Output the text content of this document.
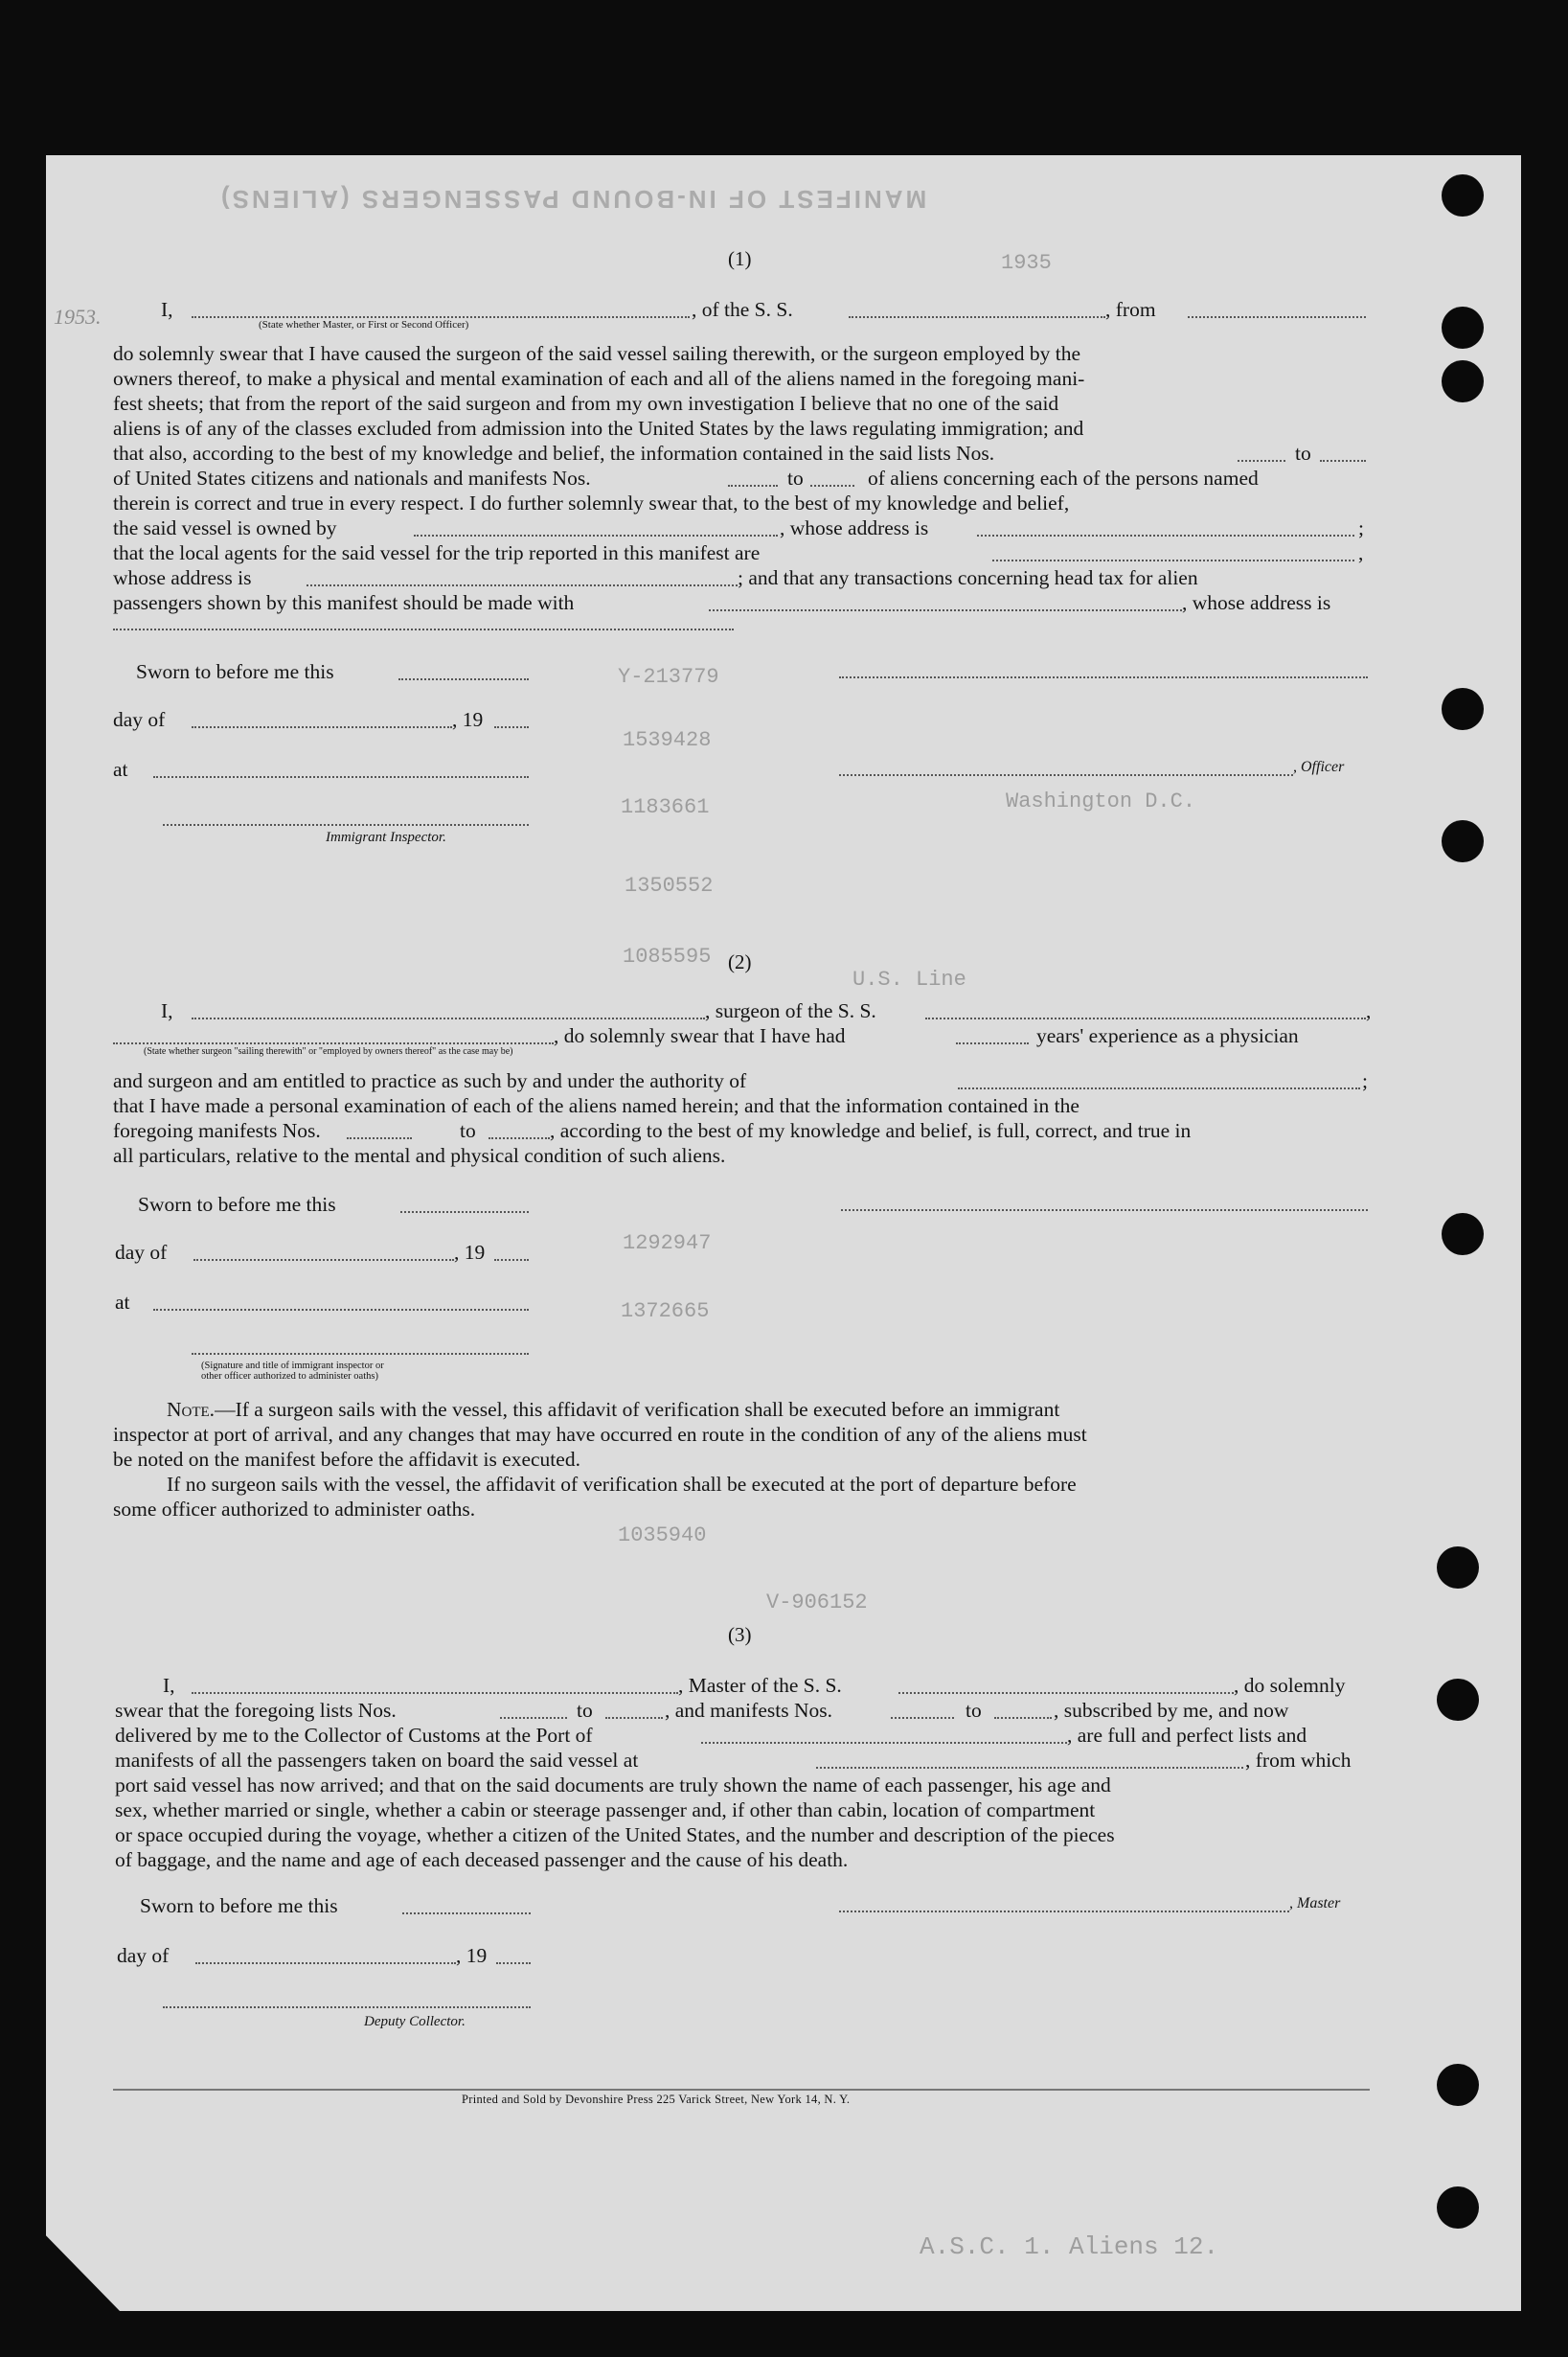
MANIFEST OF IN-BOUND PASSENGERS (ALIENS)
1935
1953.
Y-213779
1539428
Washington D.C.
1183661
1350552
1085595
U.S. Line
1292947
1372665
1035940
V-906152
A.S.C. 1. Aliens 12.
(1)
I,	, of the S. S.	, from
(State whether Master, or First or Second Officer)
do solemnly swear that I have caused the surgeon of the said vessel sailing therewith, or the surgeon employed by the
owners thereof, to make a physical and mental examination of each and all of the aliens named in the foregoing mani-
fest sheets; that from the report of the said surgeon and from my own investigation I believe that no one of the said
aliens is of any of the classes excluded from admission into the United States by the laws regulating immigration; and
that also, according to the best of my knowledge and belief, the information contained in the said lists Nos.	to
of United States citizens and nationals and manifests Nos.	to	of aliens concerning each of the persons named
therein is correct and true in every respect. I do further solemnly swear that, to the best of my knowledge and belief,
the said vessel is owned by	, whose address is	;
that the local agents for the said vessel for the trip reported in this manifest are	,
whose address is	; and that any transactions concerning head tax for alien
passengers shown by this manifest should be made with	, whose address is
Sworn to before me this
day of	, 19
at	, Officer
Immigrant Inspector.
(2)
I,	, surgeon of the S. S.	,
, do solemnly swear that I have had	years' experience as a physician
(State whether surgeon "sailing therewith" or "employed by owners thereof" as the case may be)
and surgeon and am entitled to practice as such by and under the authority of	;
that I have made a personal examination of each of the aliens named herein; and that the information contained in the
foregoing manifests Nos.	to	, according to the best of my knowledge and belief, is full, correct, and true in
all particulars, relative to the mental and physical condition of such aliens.
Sworn to before me this
day of	, 19
at
(Signature and title of immigrant inspector or
other officer authorized to administer oaths)
Note.—If a surgeon sails with the vessel, this affidavit of verification shall be executed before an immigrant
inspector at port of arrival, and any changes that may have occurred en route in the condition of any of the aliens must
be noted on the manifest before the affidavit is executed.
If no surgeon sails with the vessel, the affidavit of verification shall be executed at the port of departure before
some officer authorized to administer oaths.
(3)
I,	, Master of the S. S.	, do solemnly
swear that the foregoing lists Nos.	to	, and manifests Nos.	to	, subscribed by me, and now
delivered by me to the Collector of Customs at the Port of	, are full and perfect lists and
manifests of all the passengers taken on board the said vessel at	, from which
port said vessel has now arrived; and that on the said documents are truly shown the name of each passenger, his age and
sex, whether married or single, whether a cabin or steerage passenger and, if other than cabin, location of compartment
or space occupied during the voyage, whether a citizen of the United States, and the number and description of the pieces
of baggage, and the name and age of each deceased passenger and the cause of his death.
Sworn to before me this	, Master
day of	, 19
Deputy Collector.
Printed and Sold by Devonshire Press 225 Varick Street, New York 14, N. Y.
